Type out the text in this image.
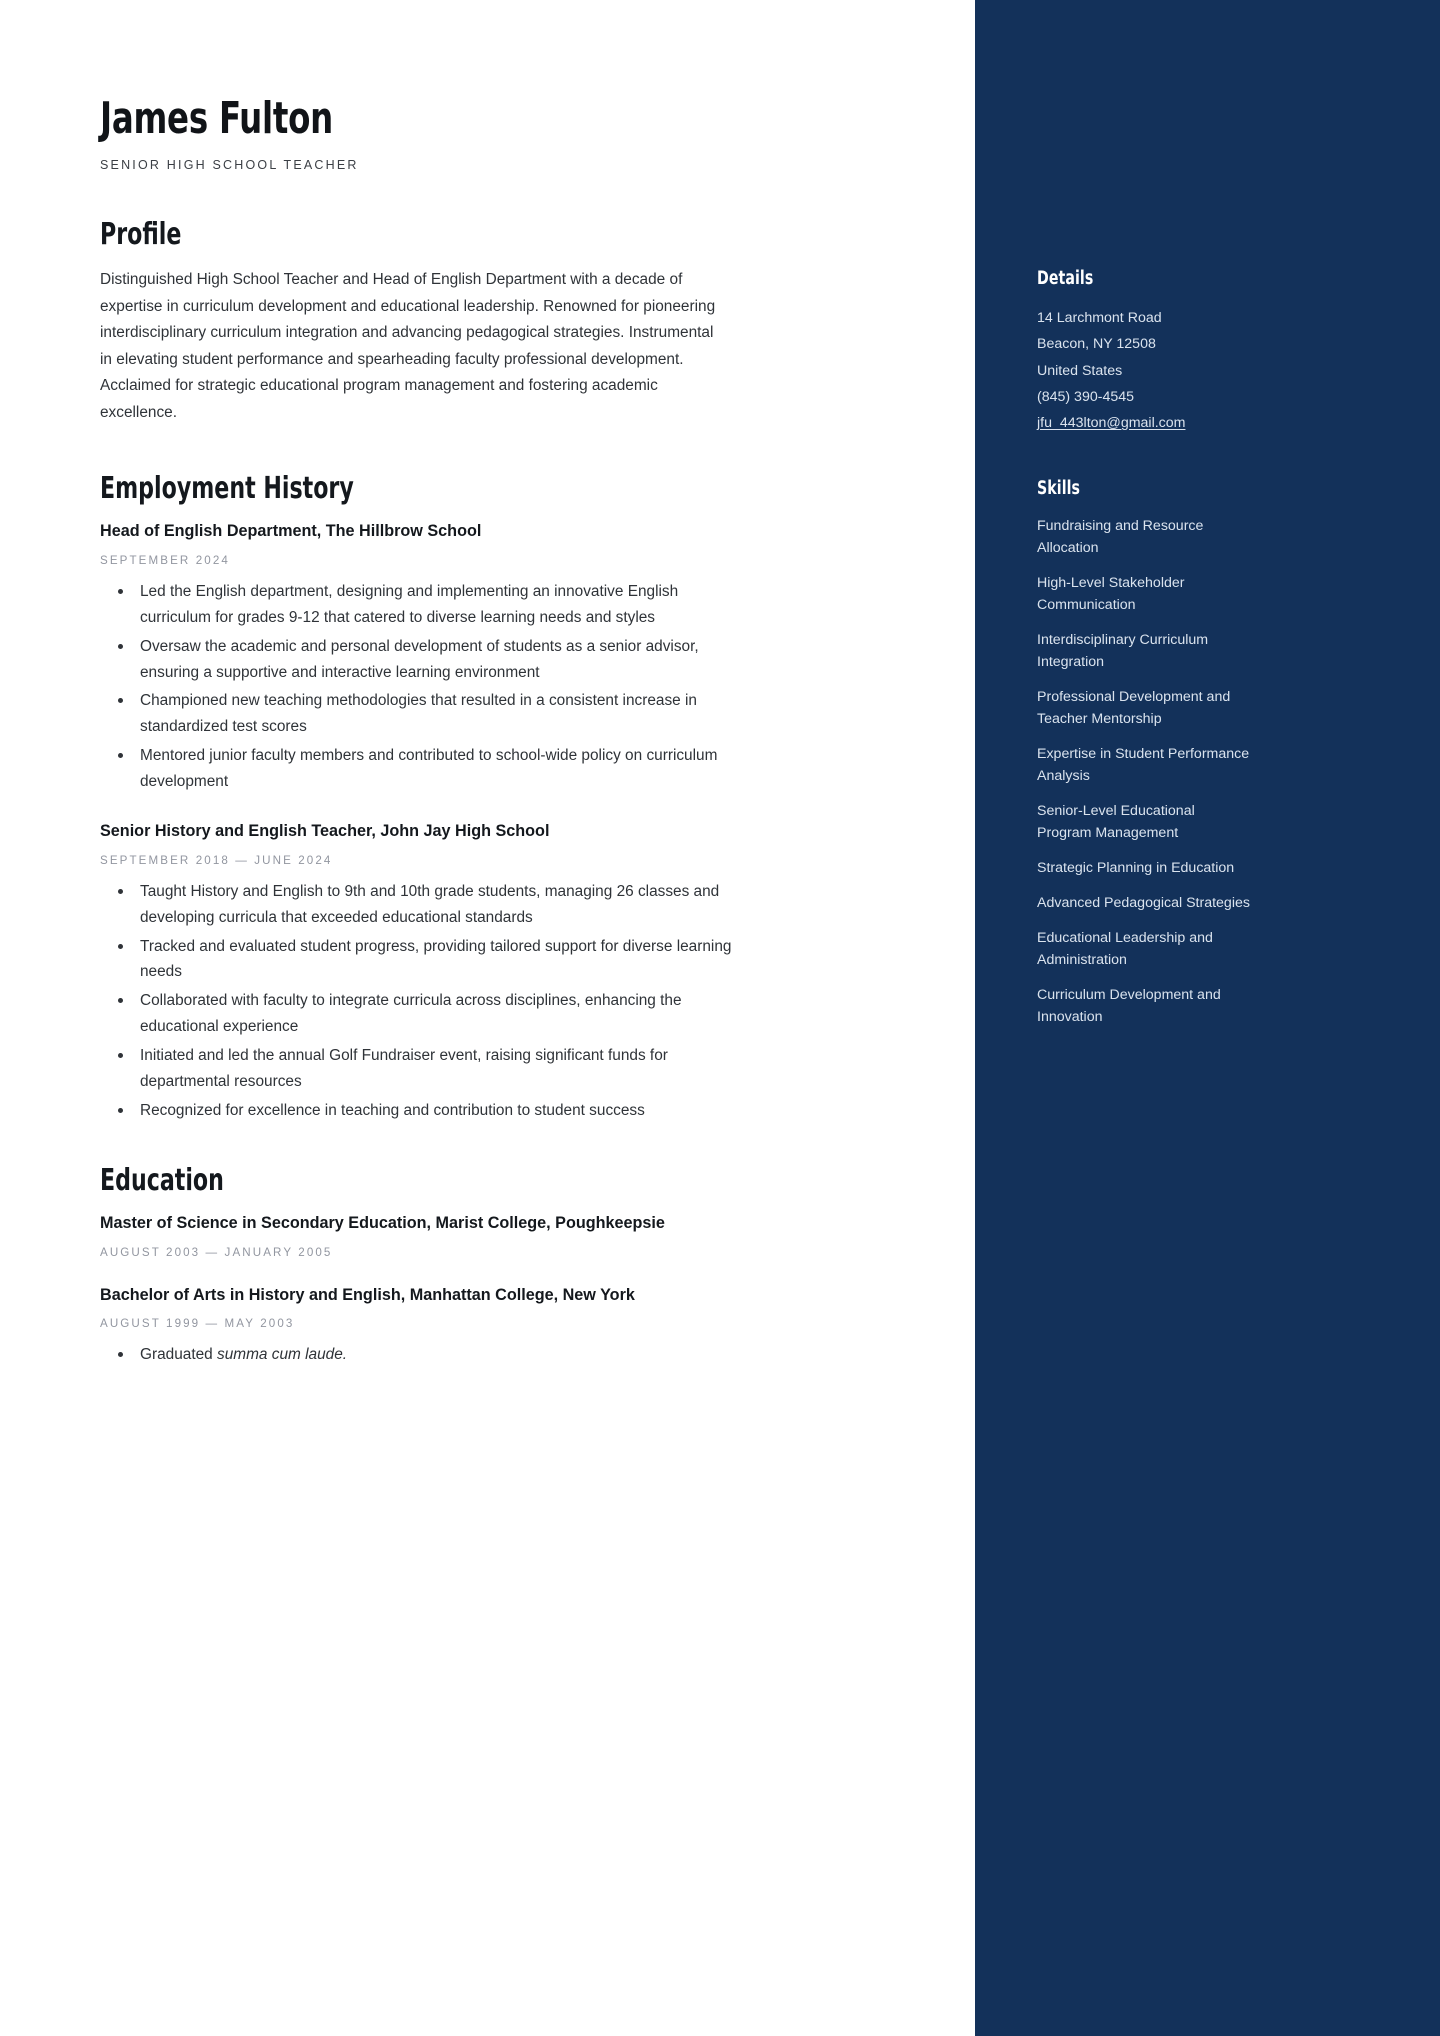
James Fulton
SENIOR HIGH SCHOOL TEACHER
Profile
Distinguished High School Teacher and Head of English Department with a decade of expertise in curriculum development and educational leadership. Renowned for pioneering interdisciplinary curriculum integration and advancing pedagogical strategies. Instrumental in elevating student performance and spearheading faculty professional development. Acclaimed for strategic educational program management and fostering academic excellence.
Employment History
Head of English Department, The Hillbrow School
SEPTEMBER 2024
Led the English department, designing and implementing an innovative English curriculum for grades 9-12 that catered to diverse learning needs and styles
Oversaw the academic and personal development of students as a senior advisor, ensuring a supportive and interactive learning environment
Championed new teaching methodologies that resulted in a consistent increase in standardized test scores
Mentored junior faculty members and contributed to school-wide policy on curriculum development
Senior History and English Teacher, John Jay High School
SEPTEMBER 2018 — JUNE 2024
Taught History and English to 9th and 10th grade students, managing 26 classes and developing curricula that exceeded educational standards
Tracked and evaluated student progress, providing tailored support for diverse learning needs
Collaborated with faculty to integrate curricula across disciplines, enhancing the educational experience
Initiated and led the annual Golf Fundraiser event, raising significant funds for departmental resources
Recognized for excellence in teaching and contribution to student success
Education
Master of Science in Secondary Education, Marist College, Poughkeepsie
AUGUST 2003 — JANUARY 2005
Bachelor of Arts in History and English, Manhattan College, New York
AUGUST 1999 — MAY 2003
Graduated summa cum laude.
Details
14 Larchmont Road
Beacon, NY 12508
United States
(845) 390-4545
jfu_443lton@gmail.com
Skills
Fundraising and Resource Allocation
High-Level Stakeholder Communication
Interdisciplinary Curriculum Integration
Professional Development and Teacher Mentorship
Expertise in Student Performance Analysis
Senior-Level Educational Program Management
Strategic Planning in Education
Advanced Pedagogical Strategies
Educational Leadership and Administration
Curriculum Development and Innovation
